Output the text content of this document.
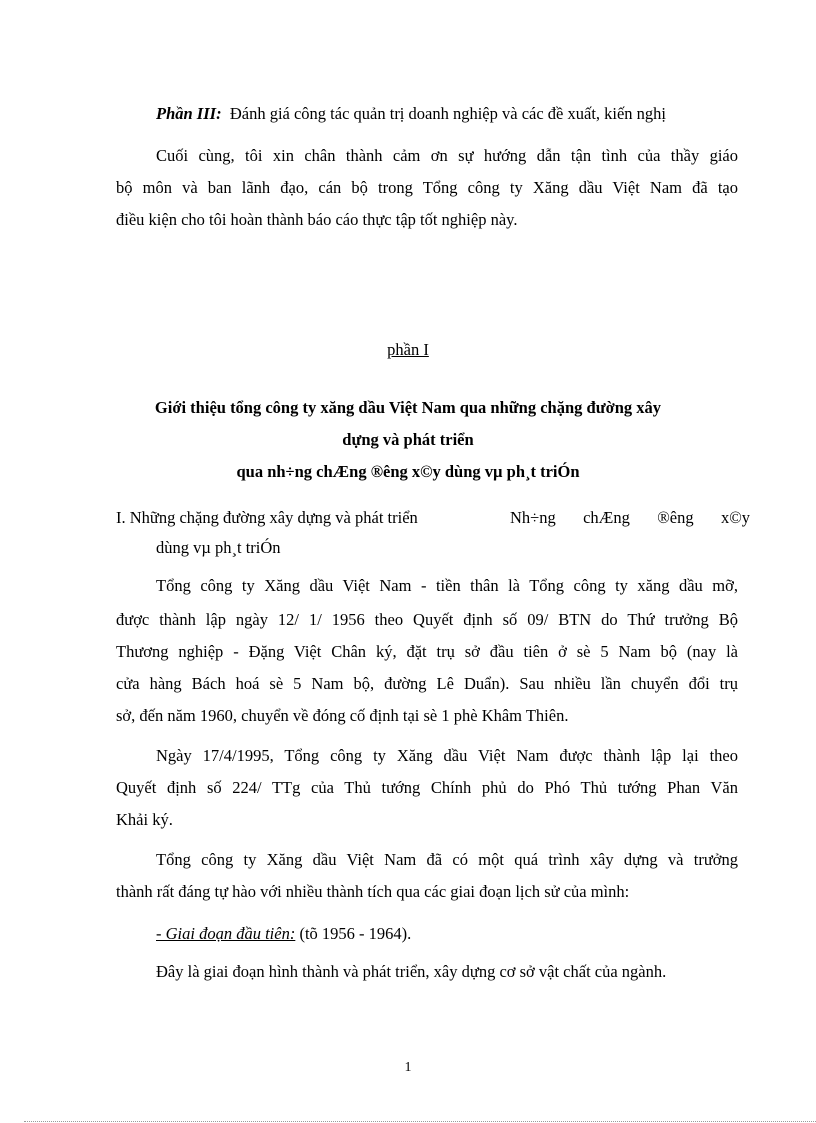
Phần III: Đánh giá công tác quản trị doanh nghiệp và các đề xuất, kiến nghị
Cuối cùng, tôi xin chân thành cảm ơn sự hướng dẫn tận tình của thầy giáo
bộ môn và ban lãnh đạo, cán bộ trong Tổng công ty Xăng dầu Việt Nam đã tạo
điều kiện cho tôi hoàn thành báo cáo thực tập tốt nghiệp này.
phần I
Giới thiệu tổng công ty xăng dầu Việt Nam qua những chặng đường xây
dựng và phát triển
qua nh÷ng chÆng ®êng x©y dùng vµ ph¸t triÓn
I. Những chặng đường xây dựng và phát triển	Nh÷ng chÆng ®êng x©y
dùng vµ ph¸t triÓn
Tổng công ty Xăng dầu Việt Nam - tiền thân là Tổng công ty xăng dầu mỡ,
được thành lập ngày 12/ 1/ 1956 theo Quyết định số 09/ BTN do Thứ trưởng Bộ
Thương nghiệp - Đặng Việt Chân ký, đặt trụ sở đầu tiên ở sè 5 Nam bộ (nay là
cửa hàng Bách hoá sè 5 Nam bộ, đường Lê Duẩn). Sau nhiều lần chuyển đổi trụ
sở, đến năm 1960, chuyển về đóng cố định tại sè 1 phè Khâm Thiên.
Ngày 17/4/1995, Tổng công ty Xăng dầu Việt Nam được thành lập lại theo
Quyết định số 224/ TTg của Thủ tướng Chính phủ do Phó Thủ tướng Phan Văn
Khải ký.
Tổng công ty Xăng dầu Việt Nam đã có một quá trình xây dựng và trưởng
thành rất đáng tự hào với nhiều thành tích qua các giai đoạn lịch sử của mình:
- Giai đoạn đầu tiên: (tõ 1956 - 1964).
Đây là giai đoạn hình thành và phát triển, xây dựng cơ sở vật chất của ngành.
1
